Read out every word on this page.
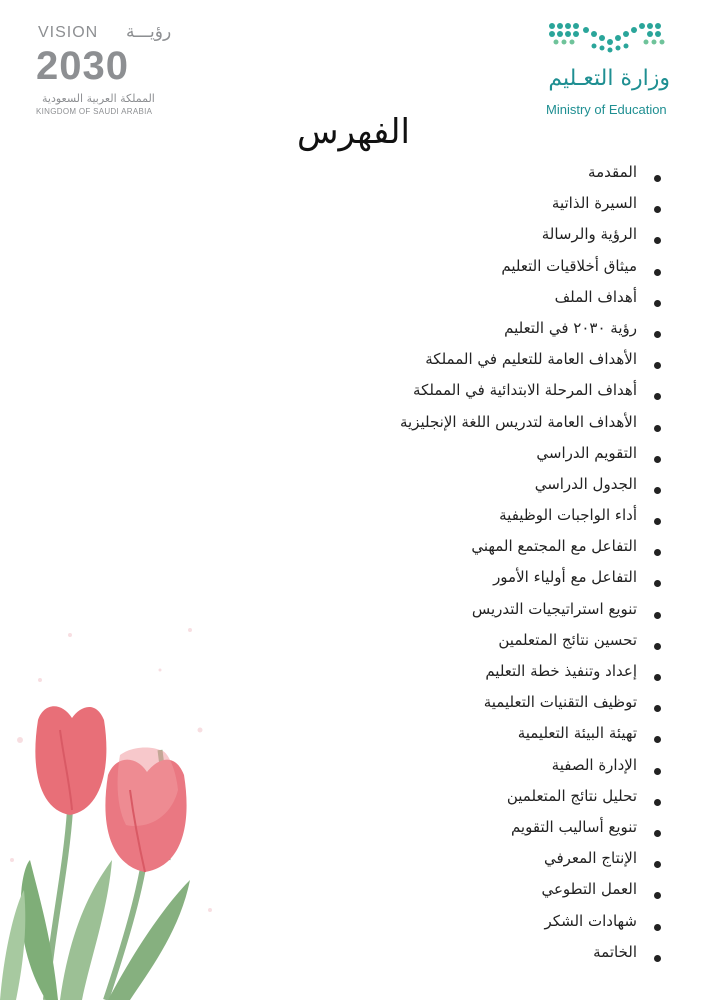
VISION رؤيـــة
2030
المملكة العربية السعودية
KINGDOM OF SAUDI ARABIA
وزارة التعـليم
Ministry of Education
الفهرس
المقدمة
السيرة الذاتية
الرؤية والرسالة
ميثاق أخلاقيات التعليم
أهداف الملف
رؤية ٢٠٣٠ في التعليم
الأهداف العامة للتعليم في المملكة
أهداف المرحلة الابتدائية في المملكة
الأهداف العامة لتدريس اللغة الإنجليزية
التقويم الدراسي
الجدول الدراسي
أداء الواجبات الوظيفية
التفاعل مع المجتمع المهني
التفاعل مع أولياء الأمور
تنويع استراتيجيات التدريس
تحسين نتائج المتعلمين
إعداد وتنفيذ خطة التعليم
توظيف التقنيات التعليمية
تهيئة البيئة التعليمية
الإدارة الصفية
تحليل نتائج المتعلمين
تنويع أساليب التقويم
الإنتاج المعرفي
العمل التطوعي
شهادات الشكر
الخاتمة
